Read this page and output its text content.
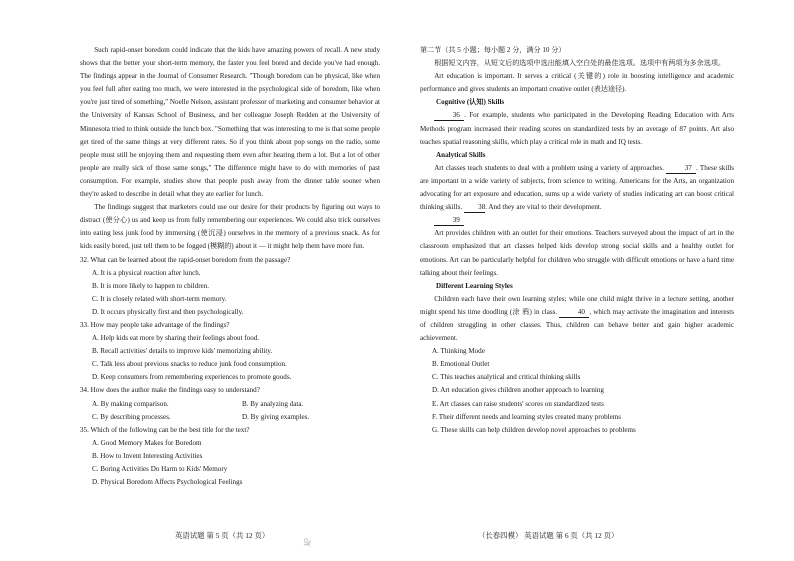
Such rapid-onset boredom could indicate that the kids have amazing powers of recall. A new study shows that the better your short-term memory, the faster you feel bored and decide you've had enough. The findings appear in the Journal of Consumer Research. "Though boredom can be physical, like when you feel full after eating too much, we were interested in the psychological side of boredom, like when you're just tired of something," Noelle Nelson, assistant professor of marketing and consumer behavior at the University of Kansas School of Business, and her colleague Joseph Redden at the University of Minnesota tried to think outside the lunch box. "Something that was interesting to me is that some people get tired of the same things at very different rates. So if you think about pop songs on the radio, some people must still be enjoying them and requesting them even after hearing them a lot. But a lot of other people are really sick of those same songs," The difference might have to do with memories of past consumption. For example, studies show that people push away from the dinner table sooner when they're asked to describe in detail what they ate earlier for lunch.

The findings suggest that marketers could use our desire for their products by figuring out ways to distract (使分心) us and keep us from fully remembering our experiences. We could also trick ourselves into eating less junk food by immersing (使沉浸) ourselves in the memory of a previous snack. As for kids easily bored, just tell them to be fogged (模糊的) about it — it might help them have more fun.

32. What can be learned about the rapid-onset boredom from the passage?

A. It is a physical reaction after lunch.

B. It is more likely to happen to children.

C. It is closely related with short-term memory.

D. It occurs physically first and then psychologically.

33. How may people take advantage of the findings?

A. Help kids eat more by sharing their feelings about food.

B. Recall activities' details to improve kids' memorizing ability.

C. Talk less about previous snacks to reduce junk food consumption.

D. Keep consumers from remembering experiences to promote goods.

34. How does the author make the findings easy to understand?

A. By making comparison.	B. By analyzing data.
C. By describing processes.	D. By giving examples.

35. Which of the following can be the best title for the text?

A. Good Memory Makes for Boredom

B. How to Invent Interesting Activities

C. Boring Activities Do Harm to Kids' Memory

D. Physical Boredom Affects Psychological Feelings

第二节（共 5 小题；每小题 2 分，满分 10 分）

根据短文内容，从短文后的选项中选出能填入空白处的最佳选项。选项中有两项为多余选项。

Art education is important. It serves a critical (关键的) role in boosting intelligence and academic performance and gives students an important creative outlet (表达途径).

Cognitive (认知) Skills

36 . For example, students who participated in the Developing Reading Education with Arts Methods program increased their reading scores on standardized tests by an average of 87 points. Art also teaches spatial reasoning skills, which play a critical role in math and IQ tests.

Analytical Skills

Art classes teach students to deal with a problem using a variety of approaches.	37 . These skills are important in a wide variety of subjects, from science to writing. Americans for the Arts, an organization advocating for art exposure and education, sums up a wide variety of studies indicating art can boost critical thinking skills. 38. And they are vital to their development.

39

Art provides children with an outlet for their emotions. Teachers surveyed about the impact of art in the classroom emphasized that art classes helped kids develop strong social skills and a healthy outlet for emotions. Art can be particularly helpful for children who struggle with difficult emotions or have a hard time talking about their feelings.

Different Learning Styles

Children each have their own learning styles; while one child might thrive in a lecture setting, another might spend his time doodling (涂 鸦) in class.	40 , which may activate the imagination and interests of children struggling in other classes. Thus, children can behave better and gain higher academic achievement.

A. Thinking Mode

B. Emotional Outlet

C. This teaches analytical and critical thinking skills

D. Art education gives children another approach to learning

E. Art classes can raise students' scores on standardized tests

F. Their different needs and learning styles created many problems

G. These skills can help children develop novel approaches to problems

英语试题 第 5 页（共 12 页）	（长春四模） 英语试题 第 6 页（共 12 页）
⚘
